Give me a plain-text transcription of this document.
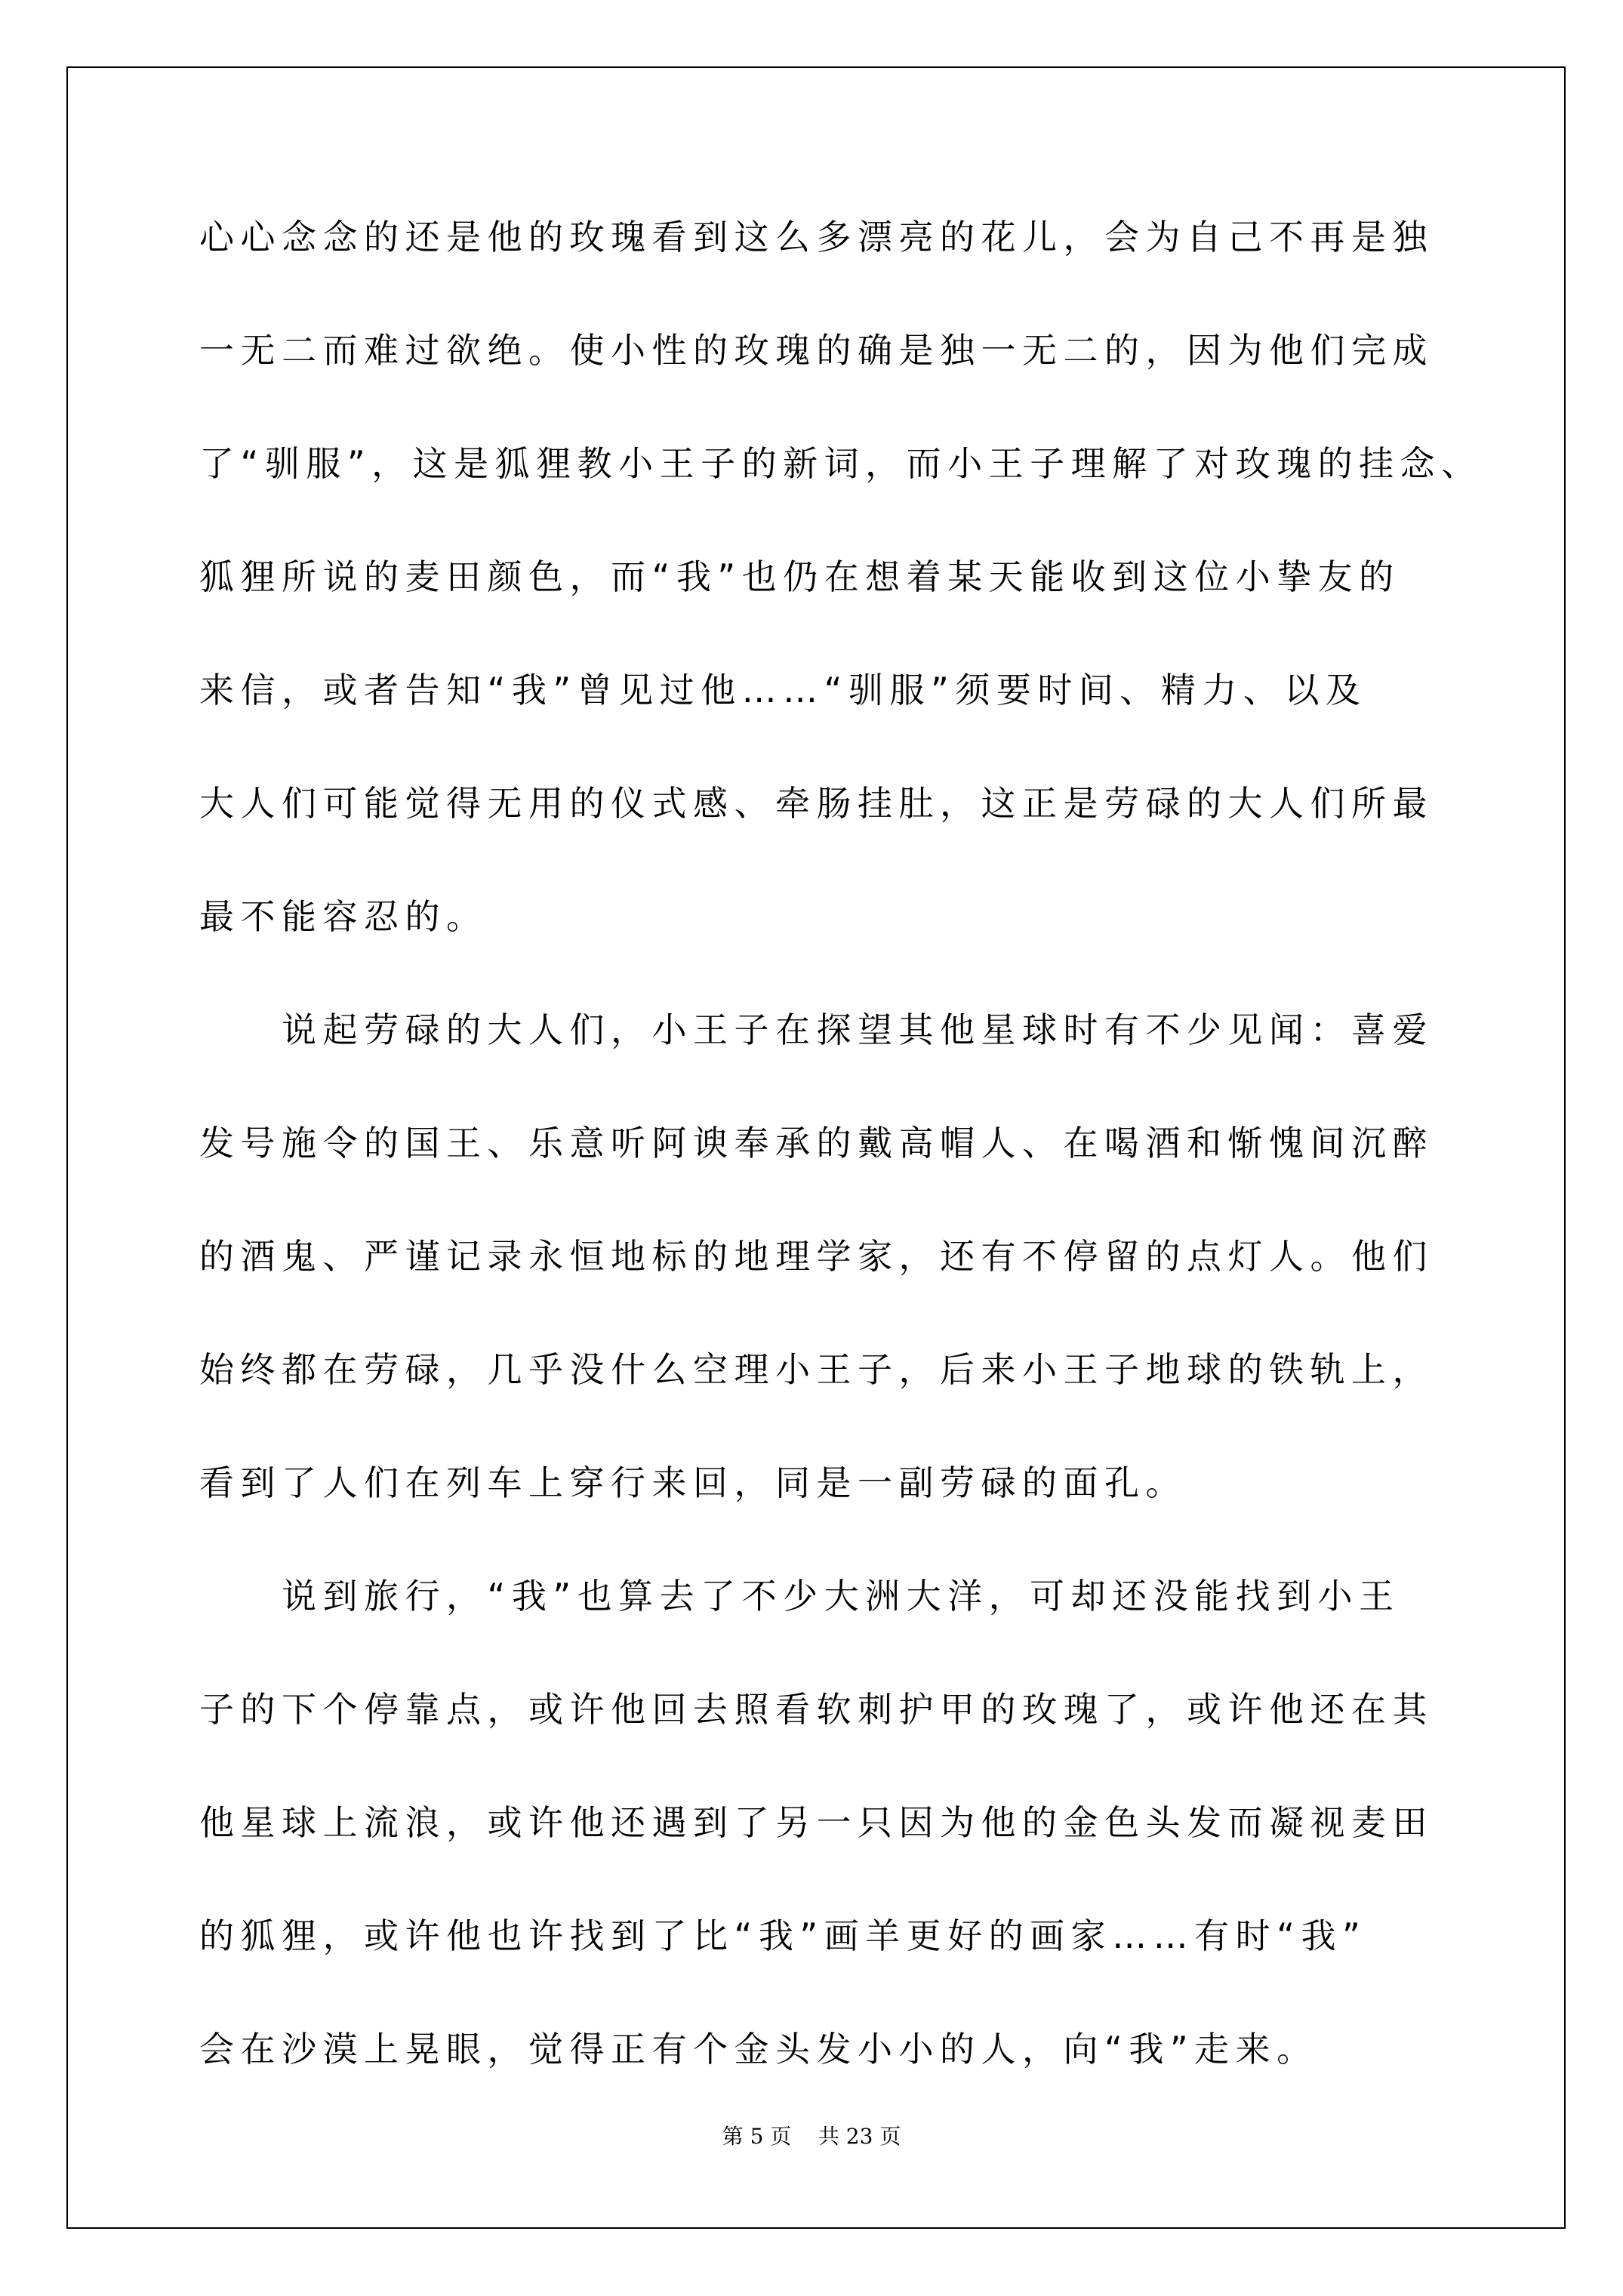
心心念念的还是他的玫瑰看到这么多漂亮的花儿，会为自己不再是独
一无二而难过欲绝。使小性的玫瑰的确是独一无二的，因为他们完成
了“驯服”，这是狐狸教小王子的新词，而小王子理解了对玫瑰的挂念、
狐狸所说的麦田颜色，而“我”也仍在想着某天能收到这位小挚友的
来信，或者告知“我”曾见过他……“驯服”须要时间、精力、以及
大人们可能觉得无用的仪式感、牵肠挂肚，这正是劳碌的大人们所最
最不能容忍的。
说起劳碌的大人们，小王子在探望其他星球时有不少见闻：喜爱
发号施令的国王、乐意听阿谀奉承的戴高帽人、在喝酒和惭愧间沉醉
的酒鬼、严谨记录永恒地标的地理学家，还有不停留的点灯人。他们
始终都在劳碌，几乎没什么空理小王子，后来小王子地球的铁轨上，
看到了人们在列车上穿行来回，同是一副劳碌的面孔。
说到旅行，“我”也算去了不少大洲大洋，可却还没能找到小王
子的下个停靠点，或许他回去照看软刺护甲的玫瑰了，或许他还在其
他星球上流浪，或许他还遇到了另一只因为他的金色头发而凝视麦田
的狐狸，或许他也许找到了比“我”画羊更好的画家……有时“我”
会在沙漠上晃眼，觉得正有个金头发小小的人，向“我”走来。
第 5 页    共 23 页
